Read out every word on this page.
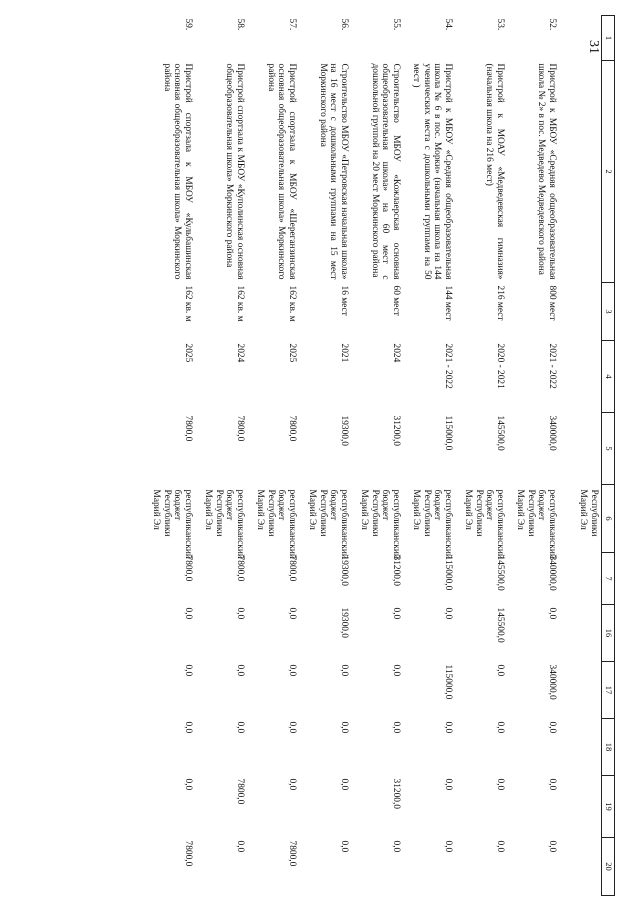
31
1	2	3	4	5	6	7	16	17	18	19	20
					Республики Марий Эл						
52.	Пристрой к МБОУ «Средняя общеобразовательная школа № 2» в пос. Медведево Медведевского района	800 мест	2021 - 2022	340000,0	республиканский бюджет Республики Марий Эл	340000,0	0,0	340000,0	0,0	0,0	0,0
53.	Пристрой к МОАУ «Медведевская гимназия» (начальная школа на 216 мест)	216 мест	2020 - 2021	145500,0	республиканский бюджет Республики Марий Эл	145500,0	145500,0	0,0	0,0	0,0	0,0
54.	Пристрой к МБОУ «Средняя общеобразовательная школа № 6 в пос. Морки» (начальная школа на 144 ученических места с дошкольными группами на 50 мест )	144 мест	2021 - 2022	115000,0	республиканский бюджет Республики Марий Эл	115000,0	0,0	115000,0	0,0	0,0	0,0
55.	Строительство МБОУ «Кожлаерская основная общеобразовательная школа» на 60 мест с дошкольной группой на 20 мест Моркинского района	60 мест	2024	31200,0	республиканский бюджет Республики Марий Эл	31200,0	0,0	0,0	0,0	31200,0	0,0
56.	Строительство МБОУ «Петровская начальная школа» на 16 мест с дошкольными группами на 15 мест Моркинского района	16 мест	2021	19300,0	республиканский бюджет Республики Марий Эл	19300,0	19300,0	0,0	0,0	0,0	0,0
57.	Пристрой спортзала к МБОУ «Шереганзинская основная общеобразовательная школа» Моркинского района	162 кв. м	2025	7800,0	республиканский бюджет Республики Марий Эл	7800,0	0,0	0,0	0,0	0,0	7800,0
58.	Пристрой спортзала к МБОУ «Куполинская основная общеобразовательная школа» Моркинского района	162 кв. м	2024	7800,0	республиканский бюджет Республики Марий Эл	7800,0	0,0	0,0	0,0	7800,0	0,0
59.	Пристрой спортзала к МБОУ «Кульбашинская основная общеобразовательная школа» Моркинского района	162 кв. м	2025	7800,0	республиканский бюджет Республики Марий Эл	7800,0	0,0	0,0	0,0	0,0	7800,0
